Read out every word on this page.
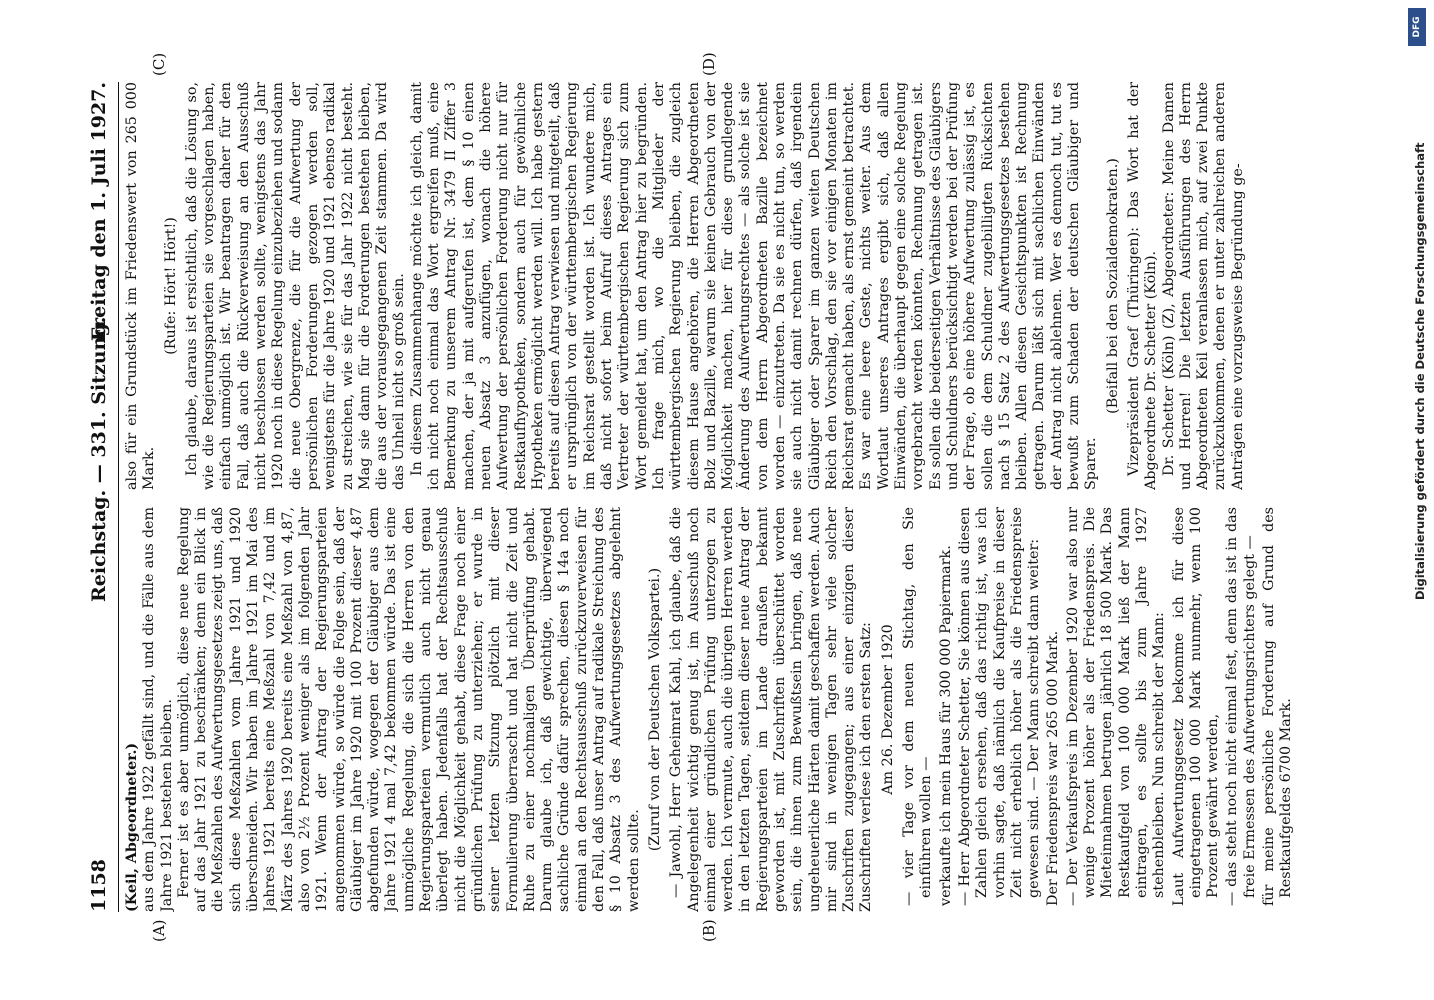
1158
Reichstag. — 331. Sitzung.
Freitag den 1. Juli 1927.
(A)	(B)
(C)	(D)

(Keil, Abgeordneter.) aus dem Jahre 1922 gefällt sind, und die Fälle aus dem Jahre 1921 bestehen bleiben. Ferner ist es aber unmöglich, diese neue Regelung auf das Jahr 1921 zu beschränken; denn ein Blick in die Meßzahlen des Aufwertungsgesetzes zeigt uns, daß sich diese Meßzahlen vom Jahre 1921 und 1920 überschneiden. Wir haben im Jahre 1921 im Mai des Jahres 1921 bereits eine Meßzahl von 7,42 und im März des Jahres 1920 bereits eine Meßzahl von 4,87, also von 2½ Prozent weniger als im folgenden Jahr 1921. Wenn der Antrag der Regierungsparteien angenommen würde, so würde die Folge sein, daß der Gläubiger im Jahre 1920 mit 100 Prozent dieser 4,87 abgefunden würde, wogegen der Gläubiger aus dem Jahre 1921 4 mal 7,42 bekommen würde. Das ist eine unmögliche Regelung, die sich die Herren von den Regierungsparteien vermutlich auch nicht genau überlegt haben. Jedenfalls hat der Rechtsausschuß nicht die Möglichkeit gehabt, diese Frage noch einer gründlichen Prüfung zu unterziehen; er wurde in seiner letzten Sitzung plötzlich mit dieser Formulierung überrascht und hat nicht die Zeit und Ruhe zu einer nochmaligen Überprüfung gehabt. Darum glaube ich, daß gewichtige, überwiegend sachliche Gründe dafür sprechen, diesen § 14a noch einmal an den Rechtsausschuß zurückzuverweisen für den Fall, daß unser Antrag auf radikale Streichung des § 10 Absatz 3 des Aufwertungsgesetzes abgelehnt werden sollte.

(Zuruf von der Deutschen Volkspartei.) — Jawohl, Herr Geheimrat Kahl, ich glaube, daß die Angelegenheit wichtig genug ist, im Ausschuß noch einmal einer gründlichen Prüfung unterzogen zu werden. Ich vermute, auch die übrigen Herren werden in den letzten Tagen, seitdem dieser neue Antrag der Regierungsparteien im Lande draußen bekannt geworden ist, mit Zuschriften überschüttet worden sein, die ihnen zum Bewußtsein bringen, daß neue ungeheuerliche Härten damit geschaffen werden. Auch mir sind in wenigen Tagen sehr viele solcher Zuschriften zugegangen; aus einer einzigen dieser Zuschriften verlese ich den ersten Satz: Am 26. Dezember 1920 — vier Tage vor dem neuen Stichtag, den Sie einführen wollen — verkaufte ich mein Haus für 300 000 Papiermark. — Herr Abgeordneter Schetter, Sie können aus diesen Zahlen gleich ersehen, daß das richtig ist, was ich vorhin sagte, daß nämlich die Kaufpreise in dieser Zeit nicht erheblich höher als die Friedenspreise gewesen sind. — Der Mann schreibt dann weiter: Der Friedenspreis war 265 000 Mark. — Der Verkaufspreis im Dezember 1920 war also nur wenige Prozent höher als der Friedenspreis. Die Mieteinnahmen betrugen jährlich 18 500 Mark. Das Restkaufgeld von 100 000 Mark ließ der Mann eintragen, es sollte bis zum Jahre 1927 stehenbleiben. Nun schreibt der Mann: Laut Aufwertungsgesetz bekomme ich für diese eingetragenen 100 000 Mark nunmehr, wenn 100 Prozent gewährt werden, — das steht noch nicht einmal fest, denn das ist in das freie Ermessen des Aufwertungsrichters gelegt — für meine persönliche Forderung auf Grund des Restkaufgeldes 6700 Mark.

also für ein Grundstück im Friedenswert von 265 000 Mark.

(Rufe: Hört! Hört!) Ich glaube, daraus ist ersichtlich, daß die Lösung so, wie die Regierungsparteien sie vorgeschlagen haben, einfach unmöglich ist. Wir beantragen daher für den Fall, daß auch die Rückverweisung an den Ausschuß nicht beschlossen werden sollte, wenigstens das Jahr 1920 noch in diese Regelung einzubeziehen und sodann die neue Obergrenze, die für die Aufwertung der persönlichen Forderungen gezogen werden soll, wenigstens für die Jahre 1920 und 1921 ebenso radikal zu streichen, wie sie für das Jahr 1922 nicht besteht. Mag sie dann für die Forderungen bestehen bleiben, die aus der vorausgegangenen Zeit stammen. Da wird das Unheil nicht so groß sein. In diesem Zusammenhange möchte ich gleich, damit ich nicht noch einmal das Wort ergreifen muß, eine Bemerkung zu unserem Antrag Nr. 3479 II Ziffer 3 machen, der ja mit aufgerufen ist, dem § 10 einen neuen Absatz 3 anzufügen, wonach die höhere Aufwertung der persönlichen Forderung nicht nur für Restkaufhypotheken, sondern auch für gewöhnliche Hypotheken ermöglicht werden will. Ich habe gestern bereits auf diesen Antrag verwiesen und mitgeteilt, daß er ursprünglich von der württembergischen Regierung im Reichsrat gestellt worden ist. Ich wundere mich, daß nicht sofort beim Aufruf dieses Antrages ein Vertreter der württembergischen Regierung sich zum Wort gemeldet hat, um den Antrag hier zu begründen. Ich frage mich, wo die Mitglieder der württembergischen Regierung bleiben, die zugleich diesem Hause angehören, die Herren Abgeordneten Bolz und Bazille, warum sie keinen Gebrauch von der Möglichkeit machen, hier für diese grundlegende Änderung des Aufwertungsrechtes — als solche ist sie von dem Herrn Abgeordneten Bazille bezeichnet worden — einzutreten. Da sie es nicht tun, so werden sie auch nicht damit rechnen dürfen, daß irgendein Gläubiger oder Sparer im ganzen weiten Deutschen Reich den Vorschlag, den sie vor einigen Monaten im Reichsrat gemacht haben, als ernst gemeint betrachtet. Es war eine leere Geste, nichts weiter. Aus dem Wortlaut unseres Antrages ergibt sich, daß allen Einwänden, die überhaupt gegen eine solche Regelung vorgebracht werden könnten, Rechnung getragen ist. Es sollen die beiderseitigen Verhältnisse des Gläubigers und Schuldners berücksichtigt werden bei der Prüfung der Frage, ob eine höhere Aufwertung zulässig ist, es sollen die dem Schuldner zugebilligten Rücksichten nach § 15 Satz 2 des Aufwertungsgesetzes bestehen bleiben. Allen diesen Gesichtspunkten ist Rechnung getragen. Darum läßt sich mit sachlichen Einwänden der Antrag nicht ablehnen. Wer es dennoch tut, tut es bewußt zum Schaden der deutschen Gläubiger und Sparer.

(Beifall bei den Sozialdemokraten.) Vizepräsident Graef (Thüringen): Das Wort hat der Abgeordnete Dr. Schetter (Köln). Dr. Schetter (Köln) (Z), Abgeordneter: Meine Damen und Herren! Die letzten Ausführungen des Herrn Abgeordneten Keil veranlassen mich, auf zwei Punkte zurückzukommen, denen er unter zahlreichen anderen Anträgen eine vorzugsweise Begründung ge-	Digitalisierung gefördert durch die Deutsche Forschungsgemeinschaft
DFG
